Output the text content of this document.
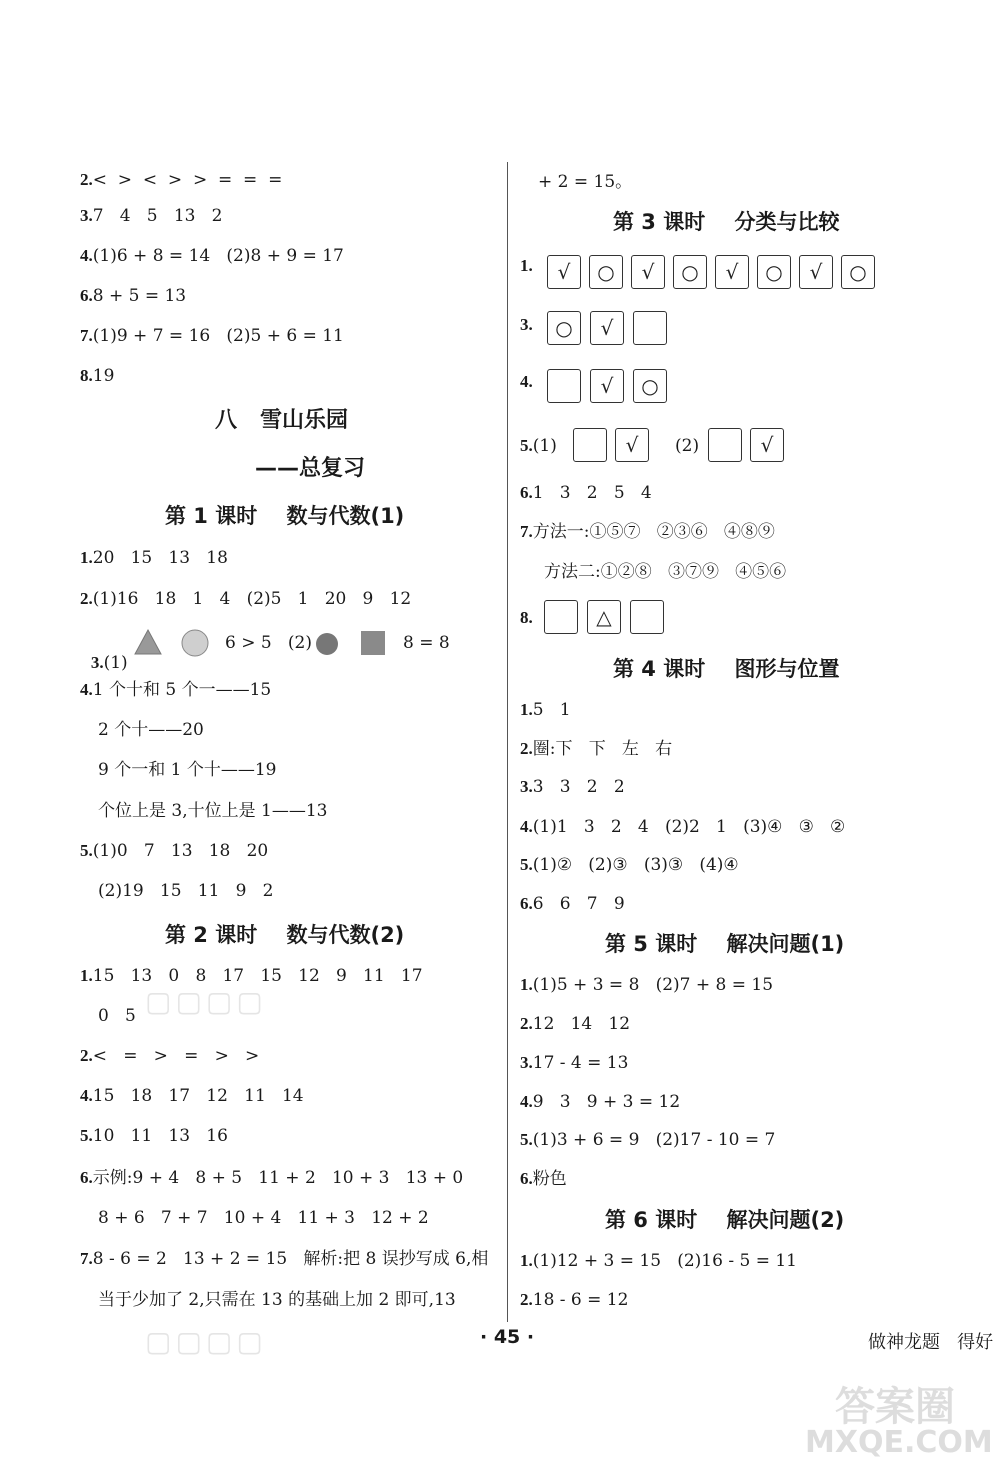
2.<  >  <  >  >  =  =  =
3.7   4   5   13   2
4.(1)6 + 8 = 14   (2)8 + 9 = 17
6.8 + 5 = 13
7.(1)9 + 7 = 16   (2)5 + 6 = 11
8.19
八   雪山乐园
——总复习
第 1 课时    数与代数(1)
1.20   15   13   18
2.(1)16   18   1   4   (2)5   1   20   9   12

3.(1)

6 > 5   (2)	8 = 8
4.1 个十和 5 个一——15
2 个十——20
9 个一和 1 个十——19
个位上是 3,十位上是 1——13
5.(1)0   7   13   18   20
(2)19   15   11   9   2
第 2 课时    数与代数(2)
1.15   13   0   8   17   15   12   9   11   17
0   5
2.<   =   >   =   >   >
4.15   18   17   12   11   14
5.10   11   13   16
6.示例:9 + 4   8 + 5   11 + 2   10 + 3   13 + 0
8 + 6   7 + 7   10 + 4   11 + 3   12 + 2
7.8 - 6 = 2   13 + 2 = 15   解析:把 8 误抄写成 6,相
当于少加了 2,只需在 13 的基础上加 2 即可,13
+ 2 = 15。
第 3 课时    分类与比较
1.	√	○	√	○	√	○	√	○
3.	○	√
4.	√	○
5.(1)	(2)
√	√
6.1   3   2   5   4
7.方法一:①⑤⑦   ②③⑥   ④⑧⑨
方法二:①②⑧   ③⑦⑨   ④⑤⑥
8.	△
第 4 课时    图形与位置
1.5   1
2.圈:下   下   左   右
3.3   3   2   2
4.(1)1   3   2   4   (2)2   1   (3)④   ③   ②
5.(1)②   (2)③   (3)③   (4)④
6.6   6   7   9
第 5 课时    解决问题(1)
1.(1)5 + 3 = 8   (2)7 + 8 = 15
2.12   14   12
3.17 - 4 = 13
4.9   3   9 + 3 = 12
5.(1)3 + 6 = 9   (2)17 - 10 = 7
6.粉色
第 6 课时    解决问题(2)
1.(1)12 + 3 = 15   (2)16 - 5 = 11
2.18 - 6 = 12
▢▢▢▢
▢▢▢▢	· 45 ·	做神龙题   得好
答案圈
MXQE.COM
